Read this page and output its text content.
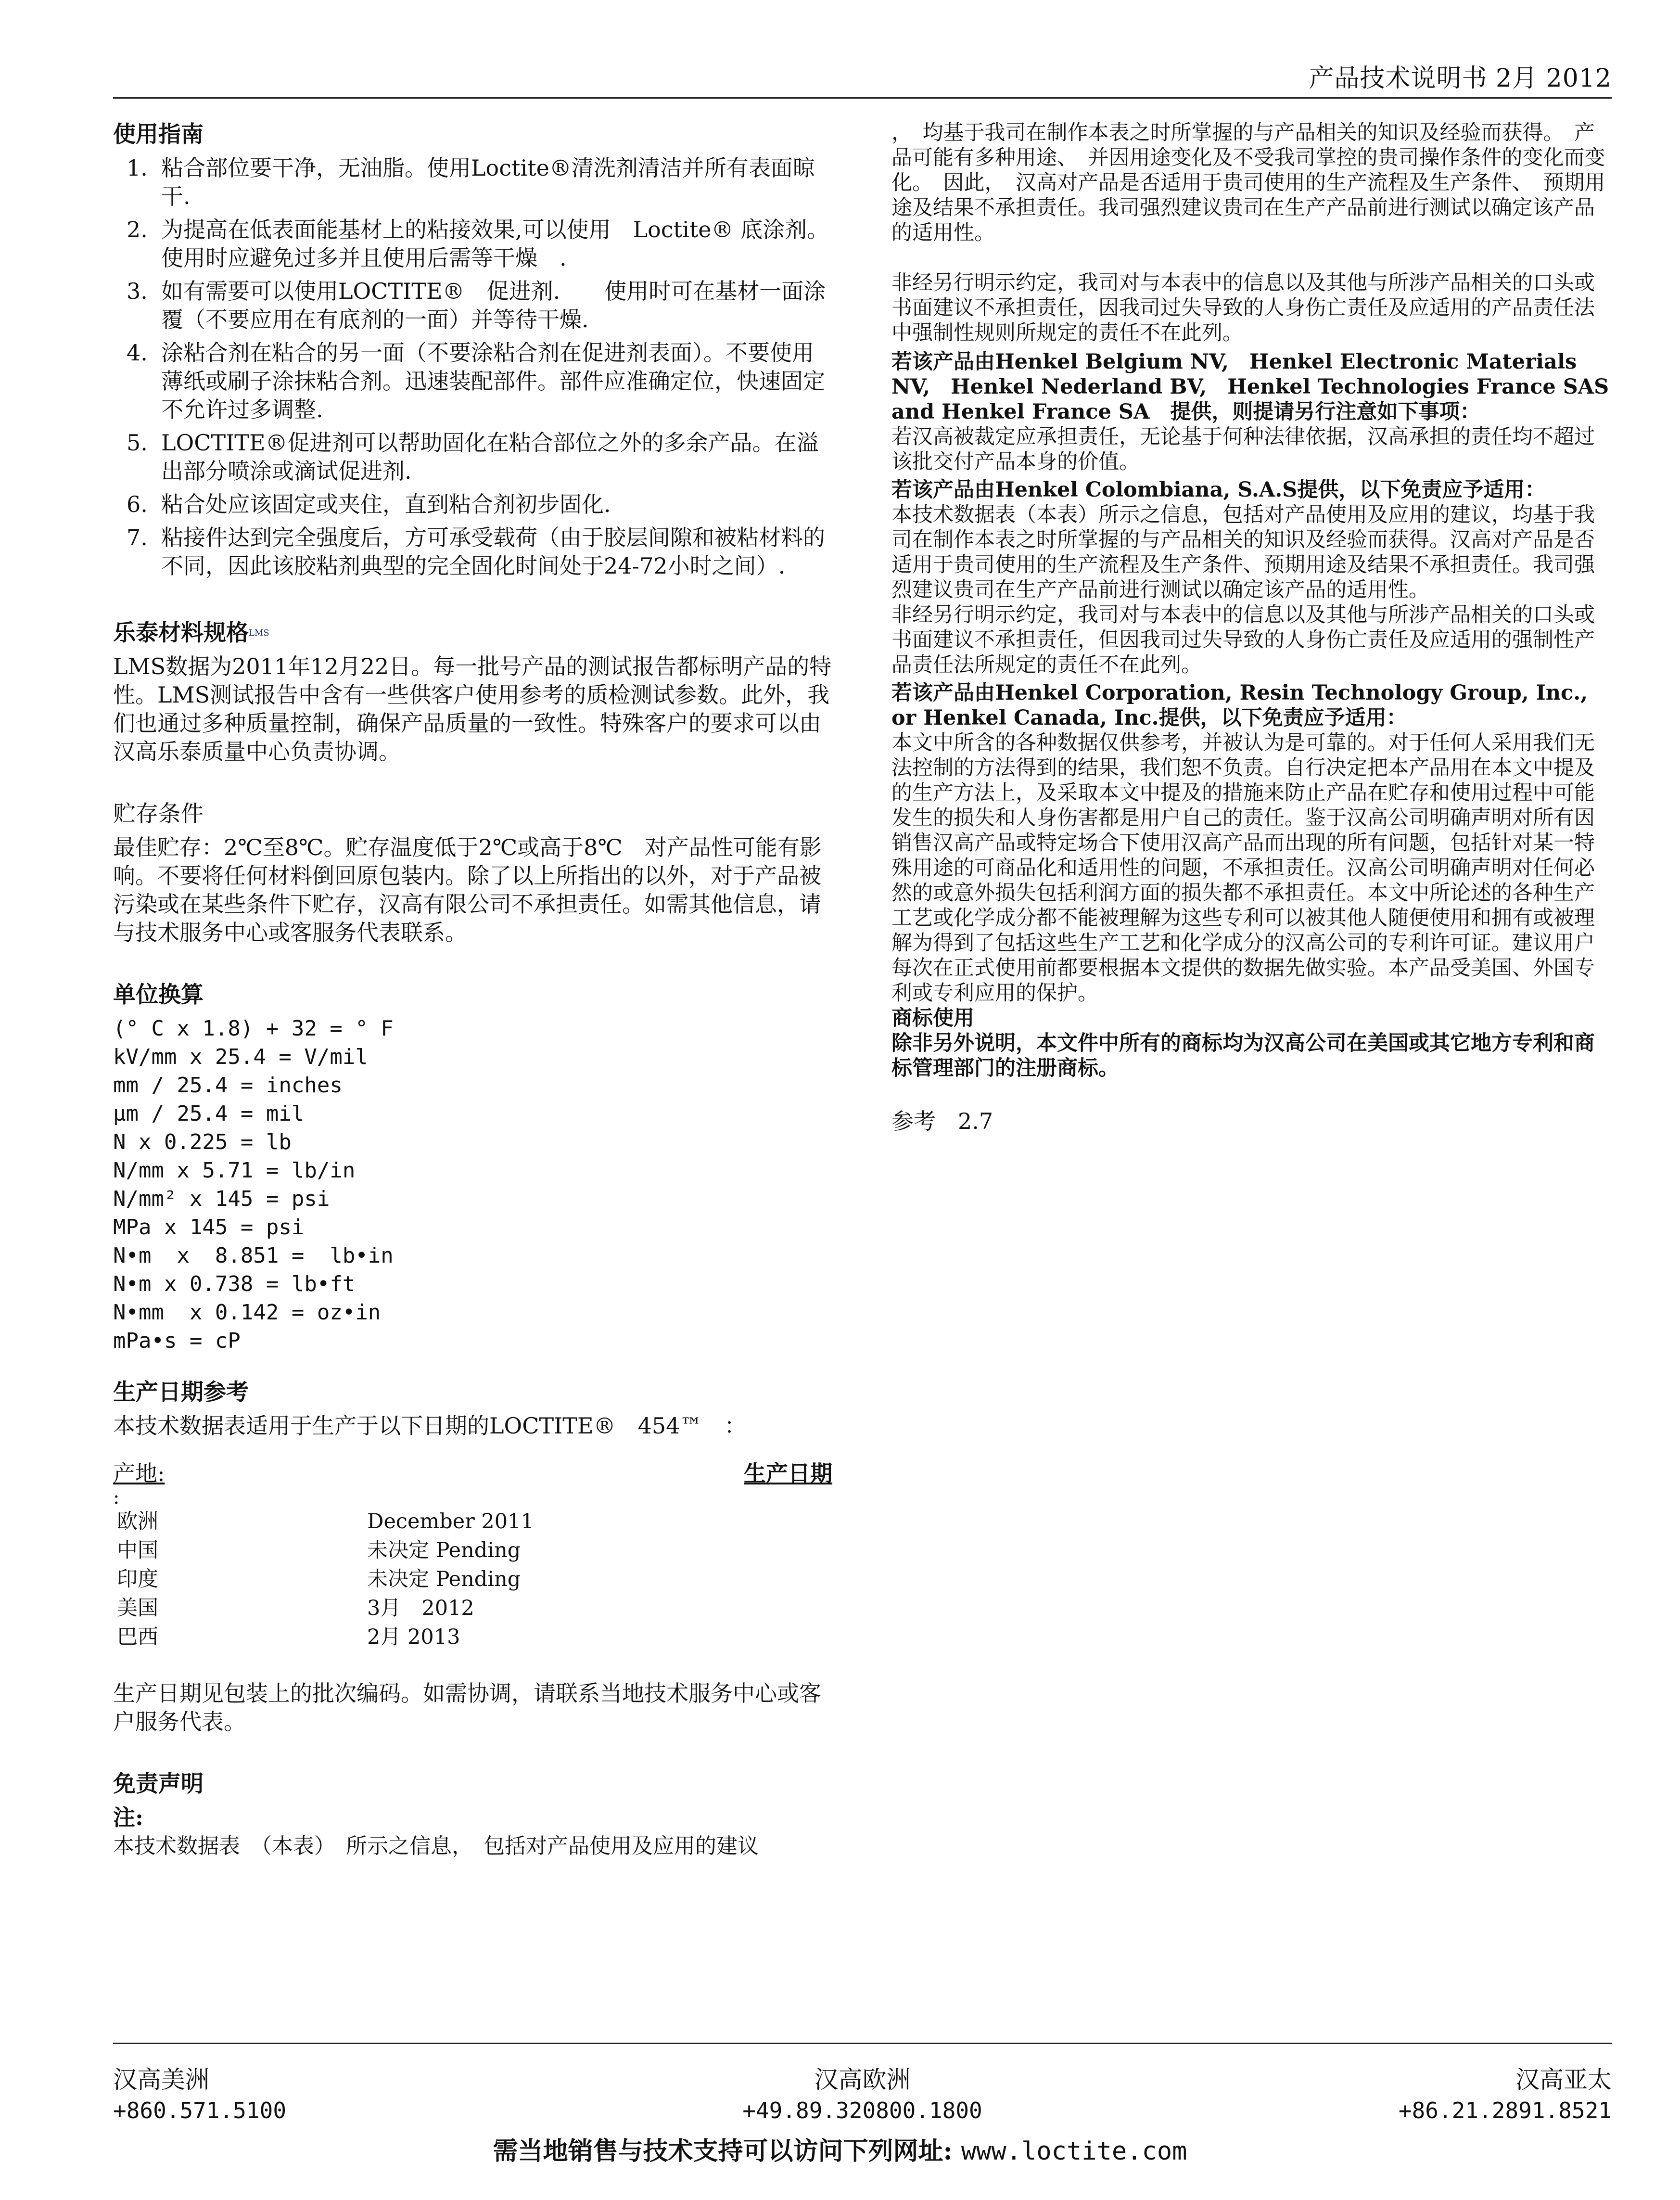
产品技术说明书 2月 2012
使用指南
1. 粘合部位要干净，无油脂。使用Loctite®清洗剂清洁并所有表面晾干.
2. 为提高在低表面能基材上的粘接效果,可以使用　Loctite® 底涂剂。使用时应避免过多并且使用后需等干燥　.
3. 如有需要可以使用LOCTITE®　促进剂.　　使用时可在基材一面涂覆（不要应用在有底剂的一面）并等待干燥.
4. 涂粘合剂在粘合的另一面（不要涂粘合剂在促进剂表面）。不要使用薄纸或刷子涂抹粘合剂。迅速装配部件。部件应准确定位，快速固定不允许过多调整.
5. LOCTITE®促进剂可以帮助固化在粘合部位之外的多余产品。在溢出部分喷涂或滴试促进剂.
6. 粘合处应该固定或夹住，直到粘合剂初步固化.
7. 粘接件达到完全强度后，方可承受载荷（由于胶层间隙和被粘材料的不同，因此该胶粘剂典型的完全固化时间处于24-72小时之间）.
乐泰材料规格$^{LMS}$

LMS数据为2011年12月22日。每一批号产品的测试报告都标明产品的特性。LMS测试报告中含有一些供客户使用参考的质检测试参数。此外，我们也通过多种质量控制，确保产品质量的一致性。特殊客户的要求可以由汉高乐泰质量中心负责协调。

贮存条件

最佳贮存：2℃至8℃。贮存温度低于2℃或高于8℃　对产品性可能有影响。不要将任何材料倒回原包装内。除了以上所指出的以外，对于产品被污染或在某些条件下贮存，汉高有限公司不承担责任。如需其他信息，请与技术服务中心或客服务代表联系。

单位换算
(° C x 1.8) + 32 = ° F
kV/mm x 25.4 = V/mil
mm / 25.4 = inches
µm / 25.4 = mil
N x 0.225 = lb
N/mm x 5.71 = lb/in
N/mm² x 145 = psi
MPa x 145 = psi
N•m  x  8.851 =  lb•in
N•m x 0.738 = lb•ft
N•mm  x 0.142 = oz•in
mPa•s = cP
生产日期参考

本技术数据表适用于生产于以下日期的LOCTITE®　454™　：

产地:	生产日期
:
欧洲	December 2011
中国	未决定 Pending
印度	未决定 Pending
美国	3月　2012
巴西	2月 2013

生产日期见包装上的批次编码。如需协调，请联系当地技术服务中心或客户服务代表。

免责声明
注:

本技术数据表　（本表）　所示之信息，　包括对产品使用及应用的建议

，　均基于我司在制作本表之时所掌握的与产品相关的知识及经验而获得。　产品可能有多种用途、　并因用途变化及不受我司掌控的贵司操作条件的变化而变化。　因此，　汉高对产品是否适用于贵司使用的生产流程及生产条件、　预期用途及结果不承担责任。我司强烈建议贵司在生产产品前进行测试以确定该产品的适用性。

非经另行明示约定，我司对与本表中的信息以及其他与所涉产品相关的口头或书面建议不承担责任，因我司过失导致的人身伤亡责任及应适用的产品责任法中强制性规则所规定的责任不在此列。

若该产品由Henkel Belgium NV,　Henkel Electronic Materials NV,　Henkel Nederland BV,　Henkel Technologies France SAS and Henkel France SA　提供，则提请另行注意如下事项：

若汉高被裁定应承担责任，无论基于何种法律依据，汉高承担的责任均不超过该批交付产品本身的价值。

若该产品由Henkel Colombiana, S.A.S提供，以下免责应予适用：

本技术数据表（本表）所示之信息，包括对产品使用及应用的建议，均基于我司在制作本表之时所掌握的与产品相关的知识及经验而获得。汉高对产品是否适用于贵司使用的生产流程及生产条件、预期用途及结果不承担责任。我司强烈建议贵司在生产产品前进行测试以确定该产品的适用性。

非经另行明示约定，我司对与本表中的信息以及其他与所涉产品相关的口头或书面建议不承担责任，但因我司过失导致的人身伤亡责任及应适用的强制性产品责任法所规定的责任不在此列。

若该产品由Henkel Corporation, Resin Technology Group, Inc., or Henkel Canada, Inc.提供，以下免责应予适用：

本文中所含的各种数据仅供参考，并被认为是可靠的。对于任何人采用我们无法控制的方法得到的结果，我们恕不负责。自行决定把本产品用在本文中提及的生产方法上，及采取本文中提及的措施来防止产品在贮存和使用过程中可能发生的损失和人身伤害都是用户自己的责任。鉴于汉高公司明确声明对所有因销售汉高产品或特定场合下使用汉高产品而出现的所有问题，包括针对某一特殊用途的可商品化和适用性的问题，不承担责任。汉高公司明确声明对任何必然的或意外损失包括利润方面的损失都不承担责任。本文中所论述的各种生产工艺或化学成分都不能被理解为这些专利可以被其他人随便使用和拥有或被理解为得到了包括这些生产工艺和化学成分的汉高公司的专利许可证。建议用户每次在正式使用前都要根据本文提供的数据先做实验。本产品受美国、外国专利或专利应用的保护。

商标使用

除非另外说明，本文件中所有的商标均为汉高公司在美国或其它地方专利和商标管理部门的注册商标。

参考　2.7

汉高美洲
+860.571.5100
汉高欧洲
+49.89.320800.1800
汉高亚太
+86.21.2891.8521
需当地销售与技术支持可以访问下列网址: www.loctite.com
